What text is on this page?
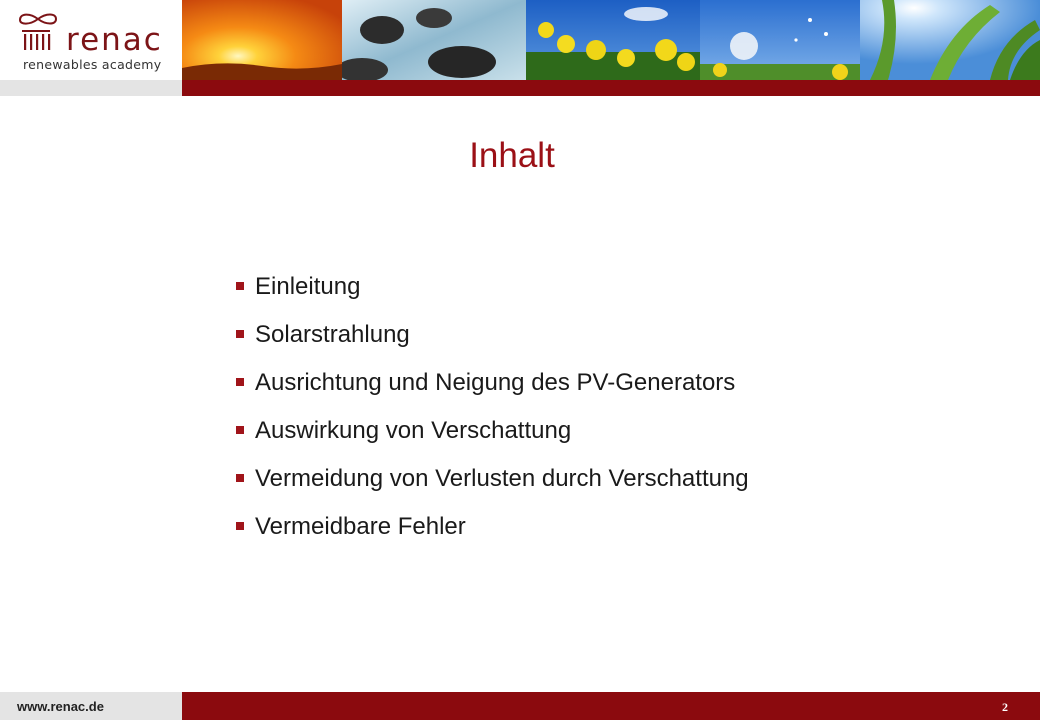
renac
renewables academy
Inhalt
Einleitung
Solarstrahlung
Ausrichtung und Neigung des PV-Generators
Auswirkung von Verschattung
Vermeidung von Verlusten durch Verschattung
Vermeidbare Fehler
www.renac.de	2
